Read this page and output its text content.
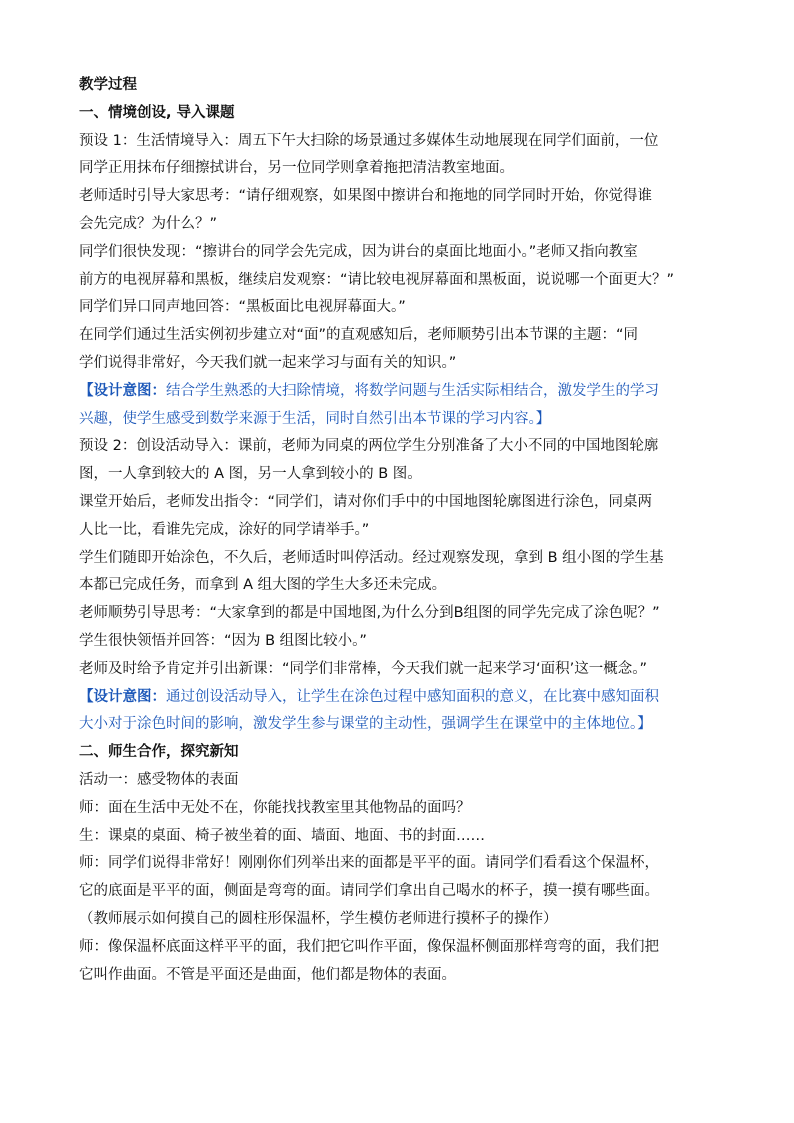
教学过程
一、情境创设, 导入课题
预设 1：生活情境导入：周五下午大扫除的场景通过多媒体生动地展现在同学们面前，一位
同学正用抹布仔细擦拭讲台，另一位同学则拿着拖把清洁教室地面。
老师适时引导大家思考：“请仔细观察，如果图中擦讲台和拖地的同学同时开始，你觉得谁
会先完成？为什么？”
同学们很快发现：“擦讲台的同学会先完成，因为讲台的桌面比地面小。”老师又指向教室
前方的电视屏幕和黑板，继续启发观察：“请比较电视屏幕面和黑板面，说说哪一个面更大？”
同学们异口同声地回答：“黑板面比电视屏幕面大。”
在同学们通过生活实例初步建立对“面”的直观感知后，老师顺势引出本节课的主题：“同
学们说得非常好，今天我们就一起来学习与面有关的知识。”
【设计意图：结合学生熟悉的大扫除情境，将数学问题与生活实际相结合，激发学生的学习
兴趣，使学生感受到数学来源于生活，同时自然引出本节课的学习内容。】
预设 2：创设活动导入：课前，老师为同桌的两位学生分别准备了大小不同的中国地图轮廓
图，一人拿到较大的 A 图，另一人拿到较小的 B 图。
课堂开始后，老师发出指令：“同学们，请对你们手中的中国地图轮廓图进行涂色，同桌两
人比一比，看谁先完成，涂好的同学请举手。”
学生们随即开始涂色，不久后，老师适时叫停活动。经过观察发现，拿到 B 组小图的学生基
本都已完成任务，而拿到 A 组大图的学生大多还未完成。
老师顺势引导思考：“大家拿到的都是中国地图,为什么分到B组图的同学先完成了涂色呢？”
学生很快领悟并回答：“因为 B 组图比较小。”
老师及时给予肯定并引出新课：“同学们非常棒，今天我们就一起来学习‘面积’这一概念。”
【设计意图：通过创设活动导入，让学生在涂色过程中感知面积的意义，在比赛中感知面积
大小对于涂色时间的影响，激发学生参与课堂的主动性，强调学生在课堂中的主体地位。】
二、师生合作，探究新知
活动一：感受物体的表面
师：面在生活中无处不在，你能找找教室里其他物品的面吗？
生：课桌的桌面、椅子被坐着的面、墙面、地面、书的封面……
师：同学们说得非常好！刚刚你们列举出来的面都是平平的面。请同学们看看这个保温杯，
它的底面是平平的面，侧面是弯弯的面。请同学们拿出自己喝水的杯子，摸一摸有哪些面。
（教师展示如何摸自己的圆柱形保温杯，学生模仿老师进行摸杯子的操作）
师：像保温杯底面这样平平的面，我们把它叫作平面，像保温杯侧面那样弯弯的面，我们把
它叫作曲面。不管是平面还是曲面，他们都是物体的表面。
